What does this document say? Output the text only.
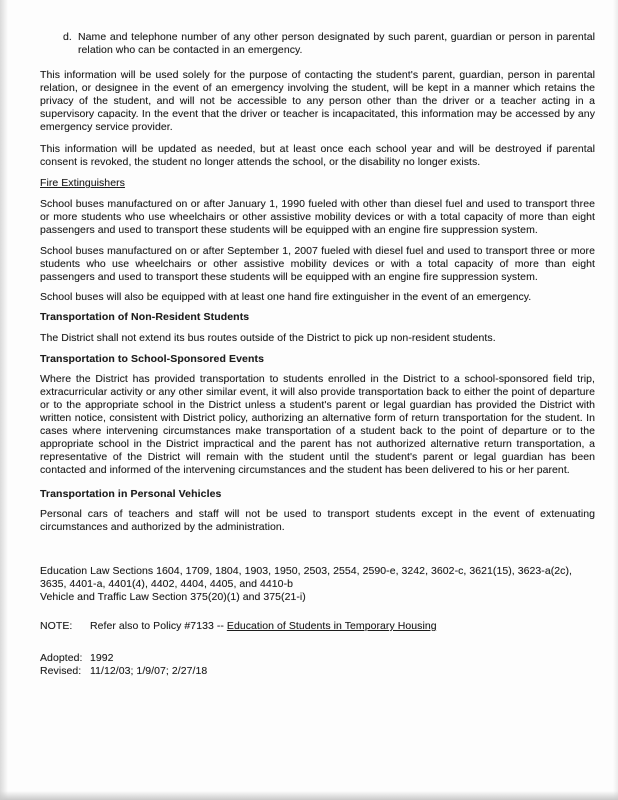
d. Name and telephone number of any other person designated by such parent, guardian or person in parental relation who can be contacted in an emergency.

This information will be used solely for the purpose of contacting the student's parent, guardian, person in parental relation, or designee in the event of an emergency involving the student, will be kept in a manner which retains the privacy of the student, and will not be accessible to any person other than the driver or a teacher acting in a supervisory capacity. In the event that the driver or teacher is incapacitated, this information may be accessed by any emergency service provider.

This information will be updated as needed, but at least once each school year and will be destroyed if parental consent is revoked, the student no longer attends the school, or the disability no longer exists.

Fire Extinguishers

School buses manufactured on or after January 1, 1990 fueled with other than diesel fuel and used to transport three or more students who use wheelchairs or other assistive mobility devices or with a total capacity of more than eight passengers and used to transport these students will be equipped with an engine fire suppression system.

School buses manufactured on or after September 1, 2007 fueled with diesel fuel and used to transport three or more students who use wheelchairs or other assistive mobility devices or with a total capacity of more than eight passengers and used to transport these students will be equipped with an engine fire suppression system.

School buses will also be equipped with at least one hand fire extinguisher in the event of an emergency.

Transportation of Non-Resident Students

The District shall not extend its bus routes outside of the District to pick up non-resident students.

Transportation to School-Sponsored Events

Where the District has provided transportation to students enrolled in the District to a school-sponsored field trip, extracurricular activity or any other similar event, it will also provide transportation back to either the point of departure or to the appropriate school in the District unless a student's parent or legal guardian has provided the District with written notice, consistent with District policy, authorizing an alternative form of return transportation for the student. In cases where intervening circumstances make transportation of a student back to the point of departure or to the appropriate school in the District impractical and the parent has not authorized alternative return transportation, a representative of the District will remain with the student until the student's parent or legal guardian has been contacted and informed of the intervening circumstances and the student has been delivered to his or her parent.

Transportation in Personal Vehicles

Personal cars of teachers and staff will not be used to transport students except in the event of extenuating circumstances and authorized by the administration.

Education Law Sections 1604, 1709, 1804, 1903, 1950, 2503, 2554, 2590-e, 3242, 3602-c, 3621(15), 3623-a(2c), 3635, 4401-a, 4401(4), 4402, 4404, 4405, and 4410-b

Vehicle and Traffic Law Section 375(20)(1) and 375(21-i)

NOTE:	Refer also to Policy #7133 -- Education of Students in Temporary Housing
Adopted: 1992
Revised: 11/12/03; 1/9/07; 2/27/18
